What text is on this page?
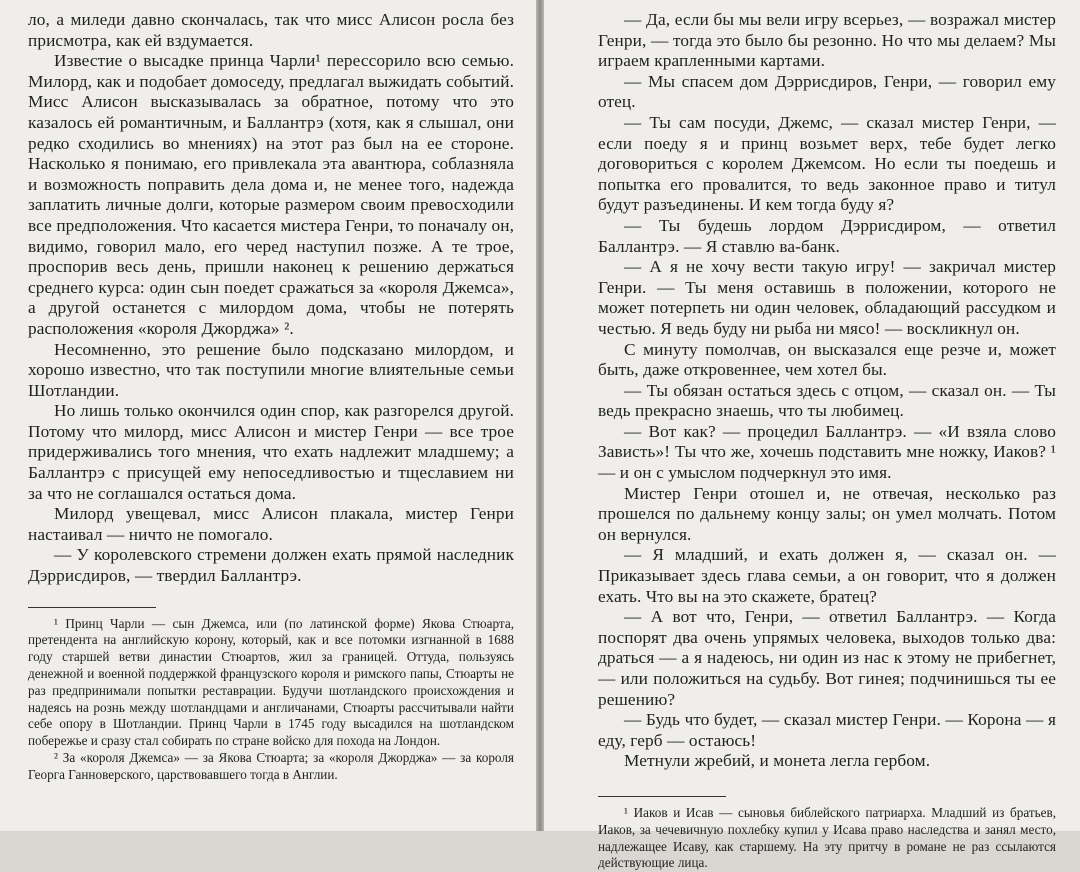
ло, а миледи давно скончалась, так что мисс Алисон росла без присмотра, как ей вздумается.

Известие о высадке принца Чарли¹ перессорило всю семью. Милорд, как и подобает домоседу, предлагал выжидать событий. Мисс Алисон высказывалась за обратное, потому что это казалось ей романтичным, и Баллантрэ (хотя, как я слышал, они редко сходились во мнениях) на этот раз был на ее стороне. Насколько я понимаю, его привлекала эта авантюра, соблазняла и возможность поправить дела дома и, не менее того, надежда заплатить личные долги, которые размером своим превосходили все предположения. Что касается мистера Генри, то поначалу он, видимо, говорил мало, его черед наступил позже. А те трое, проспорив весь день, пришли наконец к решению держаться среднего курса: один сын поедет сражаться за «короля Джемса», а другой останется с милордом дома, чтобы не потерять расположения «короля Джорджа» ².

Несомненно, это решение было подсказано милордом, и хорошо известно, что так поступили многие влиятельные семьи Шотландии.

Но лишь только окончился один спор, как разгорелся другой. Потому что милорд, мисс Алисон и мистер Генри — все трое придерживались того мнения, что ехать надлежит младшему; а Баллантрэ с присущей ему непоседливостью и тщеславием ни за что не соглашался остаться дома.

Милорд увещевал, мисс Алисон плакала, мистер Генри настаивал — ничто не помогало.

— У королевского стремени должен ехать прямой наследник Дэррисдиров, — твердил Баллантрэ.

¹ Принц Чарли — сын Джемса, или (по латинской форме) Якова Стюарта, претендента на английскую корону, который, как и все потомки изгнанной в 1688 году старшей ветви династии Стюартов, жил за границей. Оттуда, пользуясь денежной и военной поддержкой французского короля и римского папы, Стюарты не раз предпринимали попытки реставрации. Будучи шотландского происхождения и надеясь на рознь между шотландцами и англичанами, Стюарты рассчитывали найти себе опору в Шотландии. Принц Чарли в 1745 году высадился на шотландском побережье и сразу стал собирать по стране войско для похода на Лондон.

² За «короля Джемса» — за Якова Стюарта; за «короля Джорджа» — за короля Георга Ганноверского, царствовавшего тогда в Англии.

— Да, если бы мы вели игру всерьез, — возражал мистер Генри, — тогда это было бы резонно. Но что мы делаем? Мы играем крапленными картами.

— Мы спасем дом Дэррисдиров, Генри, — говорил ему отец.

— Ты сам посуди, Джемс, — сказал мистер Генри, — если поеду я и принц возьмет верх, тебе будет легко договориться с королем Джемсом. Но если ты поедешь и попытка его провалится, то ведь законное право и титул будут разъединены. И кем тогда буду я?

— Ты будешь лордом Дэррисдиром, — ответил Баллантрэ. — Я ставлю ва-банк.

— А я не хочу вести такую игру! — закричал мистер Генри. — Ты меня оставишь в положении, которого не может потерпеть ни один человек, обладающий рассудком и честью. Я ведь буду ни рыба ни мясо! — воскликнул он.

С минуту помолчав, он высказался еще резче и, может быть, даже откровеннее, чем хотел бы.

— Ты обязан остаться здесь с отцом, — сказал он. — Ты ведь прекрасно знаешь, что ты любимец.

— Вот как? — процедил Баллантрэ. — «И взяла слово Зависть»! Ты что же, хочешь подставить мне ножку, Иаков? ¹ — и он с умыслом подчеркнул это имя.

Мистер Генри отошел и, не отвечая, несколько раз прошелся по дальнему концу залы; он умел молчать. Потом он вернулся.

— Я младший, и ехать должен я, — сказал он. — Приказывает здесь глава семьи, а он говорит, что я должен ехать. Что вы на это скажете, братец?

— А вот что, Генри, — ответил Баллантрэ. — Когда поспорят два очень упрямых человека, выходов только два: драться — а я надеюсь, ни один из нас к этому не прибегнет, — или положиться на судьбу. Вот гинея; подчинишься ты ее решению?

— Будь что будет, — сказал мистер Генри. — Корона — я еду, герб — остаюсь!

Метнули жребий, и монета легла гербом.

¹ Иаков и Исав — сыновья библейского патриарха. Младший из братьев, Иаков, за чечевичную похлебку купил у Исава право наследства и занял место, надлежащее Исаву, как старшему. На эту притчу в романе не раз ссылаются действующие лица.
